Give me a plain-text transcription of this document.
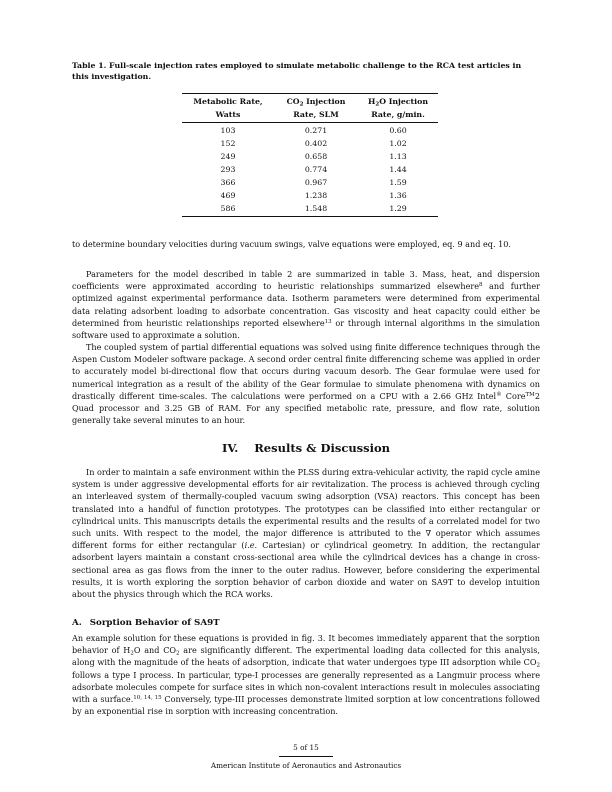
Table 1. Full-scale injection rates employed to simulate metabolic challenge to the RCA test articles in this investigation.
Metabolic Rate,	$CO_2$ Injection	$H_2O$ Injection
Watts	Rate, SLM	Rate, g/min.
103	0.271	0.60
152	0.402	1.02
249	0.658	1.13
293	0.774	1.44
366	0.967	1.59
469	1.238	1.36
586	1.548	1.29

to determine boundary velocities during vacuum swings, valve equations were employed, eq. 9 and eq. 10.

Parameters for the model described in table 2 are summarized in table 3. Mass, heat, and dispersion coefficients were approximated according to heuristic relationships summarized elsewhere$^8$ and further optimized against experimental performance data. Isotherm parameters were determined from experimental data relating adsorbent loading to adsorbate concentration. Gas viscosity and heat capacity could either be determined from heuristic relationships reported elsewhere$^{13}$ or through internal algorithms in the simulation software used to approximate a solution.

The coupled system of partial differential equations was solved using finite difference techniques through the Aspen Custom Modeler software package. A second order central finite differencing scheme was applied in order to accurately model bi-directional flow that occurs during vacuum desorb. The Gear formulae were used for numerical integration as a result of the ability of the Gear formulae to simulate phenomena with dynamics on drastically different time-scales. The calculations were performed on a CPU with a 2.66 GHz Intel® Core™2 Quad processor and 3.25 GB of RAM. For any specified metabolic rate, pressure, and flow rate, solution generally take several minutes to an hour.

IV. Results & Discussion

In order to maintain a safe environment within the PLSS during extra-vehicular activity, the rapid cycle amine system is under aggressive developmental efforts for air revitalization. The process is achieved through cycling an interleaved system of thermally-coupled vacuum swing adsorption (VSA) reactors. This concept has been translated into a handful of function prototypes. The prototypes can be classified into either rectangular or cylindrical units. This manuscripts details the experimental results and the results of a correlated model for two such units. With respect to the model, the major difference is attributed to the ∇ operator which assumes different forms for either rectangular (i.e. Cartesian) or cylindrical geometry. In addition, the rectangular adsorbent layers maintain a constant cross-sectional area while the cylindrical devices has a change in cross-sectional area as gas flows from the inner to the outer radius. However, before considering the experimental results, it is worth exploring the sorption behavior of carbon dioxide and water on SA9T to develop intuition about the physics through which the RCA works.

A. Sorption Behavior of SA9T

An example solution for these equations is provided in fig. 3. It becomes immediately apparent that the sorption behavior of $H_2O$ and $CO_2$ are significantly different. The experimental loading data collected for this analysis, along with the magnitude of the heats of adsorption, indicate that water undergoes type III adsorption while $CO_2$ follows a type I process. In particular, type-I processes are generally represented as a Langmuir process where adsorbate molecules compete for surface sites in which non-covalent interactions result in molecules associating with a surface.$^{10, 14, 15}$ Conversely, type-III processes demonstrate limited sorption at low concentrations followed by an exponential rise in sorption with increasing concentration.

5 of 15
American Institute of Aeronautics and Astronautics
